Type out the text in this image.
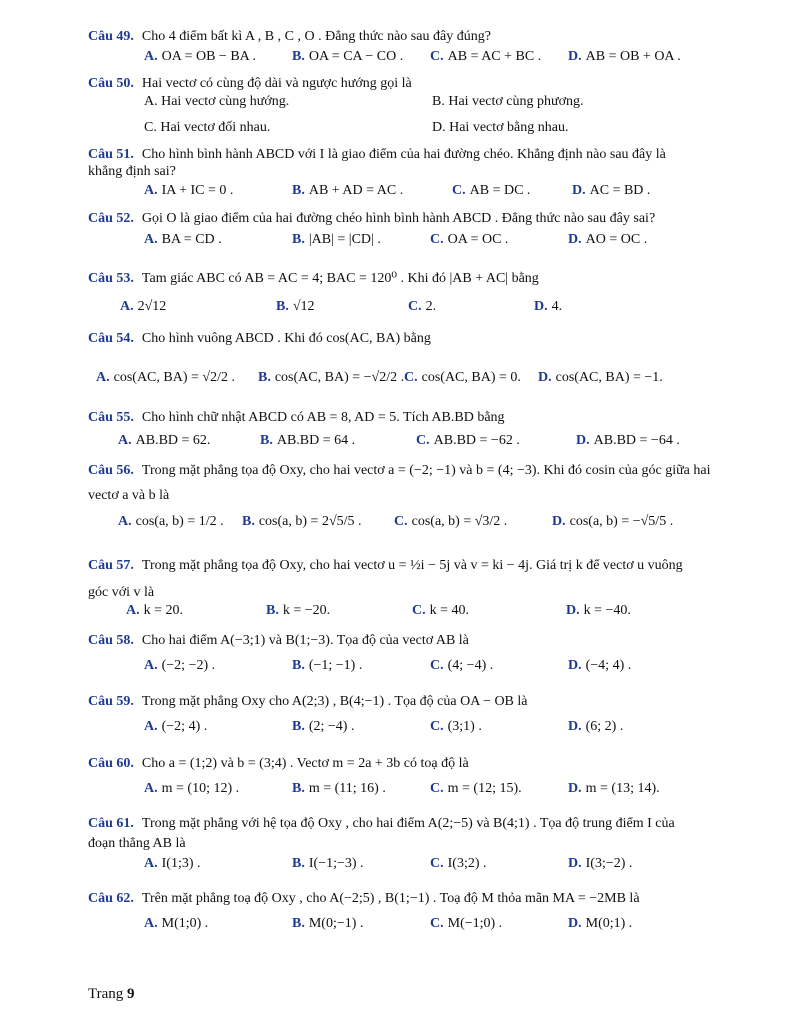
Câu 49. Cho 4 điểm bất kì A , B , C , O . Đẳng thức nào sau đây đúng?
A. OA = OB − BA .	B. OA = CA − CO . C. AB = AC + BC . D. AB = OB + OA .
Câu 50. Hai vectơ có cùng độ dài và ngược hướng gọi là
A. Hai vectơ cùng hướng.	B. Hai vectơ cùng phương.
C. Hai vectơ đối nhau.	D. Hai vectơ bằng nhau.
Câu 51. Cho hình bình hành ABCD với I là giao điểm của hai đường chéo. Khẳng định nào sau đây là
khẳng định sai?
A. IA + IC = 0 .	B. AB + AD = AC .	C. AB = DC .	D. AC = BD .
Câu 52. Gọi O là giao điểm của hai đường chéo hình bình hành ABCD . Đẳng thức nào sau đây sai?
A. BA = CD .	B. |AB| = |CD| .	C. OA = OC .	D. AO = OC .
Câu 53. Tam giác ABC có AB = AC = 4; BAC = 120⁰ . Khi đó |AB + AC| bằng
A. 2√12	B. √12	C. 2.	D. 4.
Câu 54. Cho hình vuông ABCD . Khi đó cos(AC, BA) bằng
A. cos(AC, BA) = √2/2 . B. cos(AC, BA) = −√2/2 . C. cos(AC, BA) = 0. D. cos(AC, BA) = −1.
Câu 55. Cho hình chữ nhật ABCD có AB = 8, AD = 5. Tích AB.BD bằng
A. AB.BD = 62.	B. AB.BD = 64 .	C. AB.BD = −62 .	D. AB.BD = −64 .
Câu 56. Trong mặt phẳng tọa độ Oxy, cho hai vectơ a = (−2; −1) và b = (4; −3). Khi đó cosin của góc giữa hai
vectơ a và b là
A. cos(a, b) = 1/2 . B. cos(a, b) = 2√5/5 . C. cos(a, b) = √3/2 .	D. cos(a, b) = −√5/5 .
Câu 57. Trong mặt phẳng tọa độ Oxy, cho hai vectơ u = ½i − 5j và v = ki − 4j. Giá trị k để vectơ u vuông
góc với v là
A. k = 20.	B. k = −20.	C. k = 40.	D. k = −40.
Câu 58. Cho hai điểm A(−3;1) và B(1;−3). Tọa độ của vectơ AB là
A. (−2; −2) .	B. (−1; −1) .	C. (4; −4) .	D. (−4; 4) .
Câu 59. Trong mặt phẳng Oxy cho A(2;3) , B(4;−1) . Tọa độ của OA − OB là
A. (−2; 4) .	B. (2; −4) .	C. (3;1) .	D. (6; 2) .
Câu 60. Cho a = (1;2) và b = (3;4) . Vectơ m = 2a + 3b có toạ độ là
A. m = (10; 12) .	B. m = (11; 16) .	C. m = (12; 15).	D. m = (13; 14).
Câu 61. Trong mặt phẳng với hệ tọa độ Oxy , cho hai điểm A(2;−5) và B(4;1) . Tọa độ trung điểm I của
đoạn thẳng AB là
A. I(1;3) .	B. I(−1;−3) .	C. I(3;2) .	D. I(3;−2) .
Câu 62. Trên mặt phẳng toạ độ Oxy , cho A(−2;5) , B(1;−1) . Toạ độ M thỏa mãn MA = −2MB là
A. M(1;0) .	B. M(0;−1) .	C. M(−1;0) .	D. M(0;1) .
Trang 9
